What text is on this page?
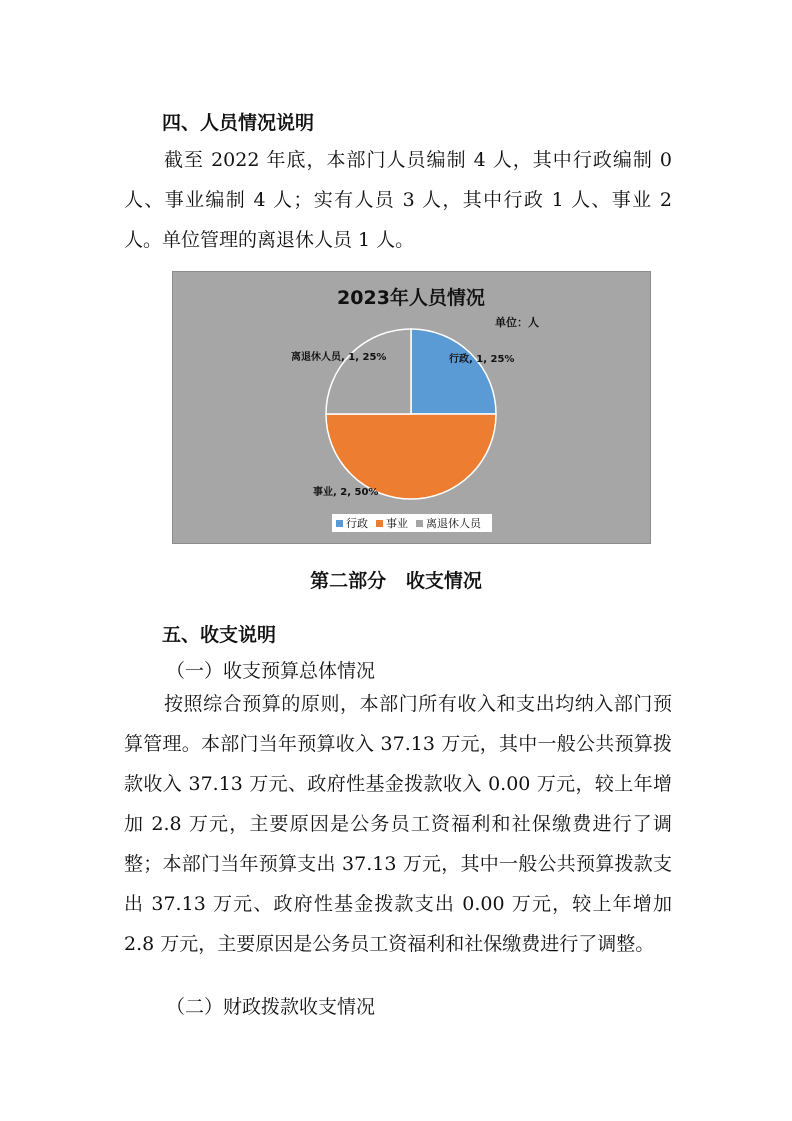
四、人员情况说明
截至 2022 年底，本部门人员编制 4 人，其中行政编制 0 人、事业编制 4 人；实有人员 3 人，其中行政 1 人、事业 2 人。单位管理的离退休人员 1 人。
2023年人员情况
单位：人
行政, 1, 25%
事业, 2, 50%
离退休人员, 1, 25%
行政 事业 离退休人员
第二部分   收支情况
五、收支说明
（一）收支预算总体情况
按照综合预算的原则，本部门所有收入和支出均纳入部门预算管理。本部门当年预算收入 37.13 万元，其中一般公共预算拨款收入 37.13 万元、政府性基金拨款收入 0.00 万元，较上年增加 2.8 万元，主要原因是公务员工资福利和社保缴费进行了调整；本部门当年预算支出 37.13 万元，其中一般公共预算拨款支出 37.13 万元、政府性基金拨款支出 0.00 万元，较上年增加 2.8 万元，主要原因是公务员工资福利和社保缴费进行了调整。
（二）财政拨款收支情况
